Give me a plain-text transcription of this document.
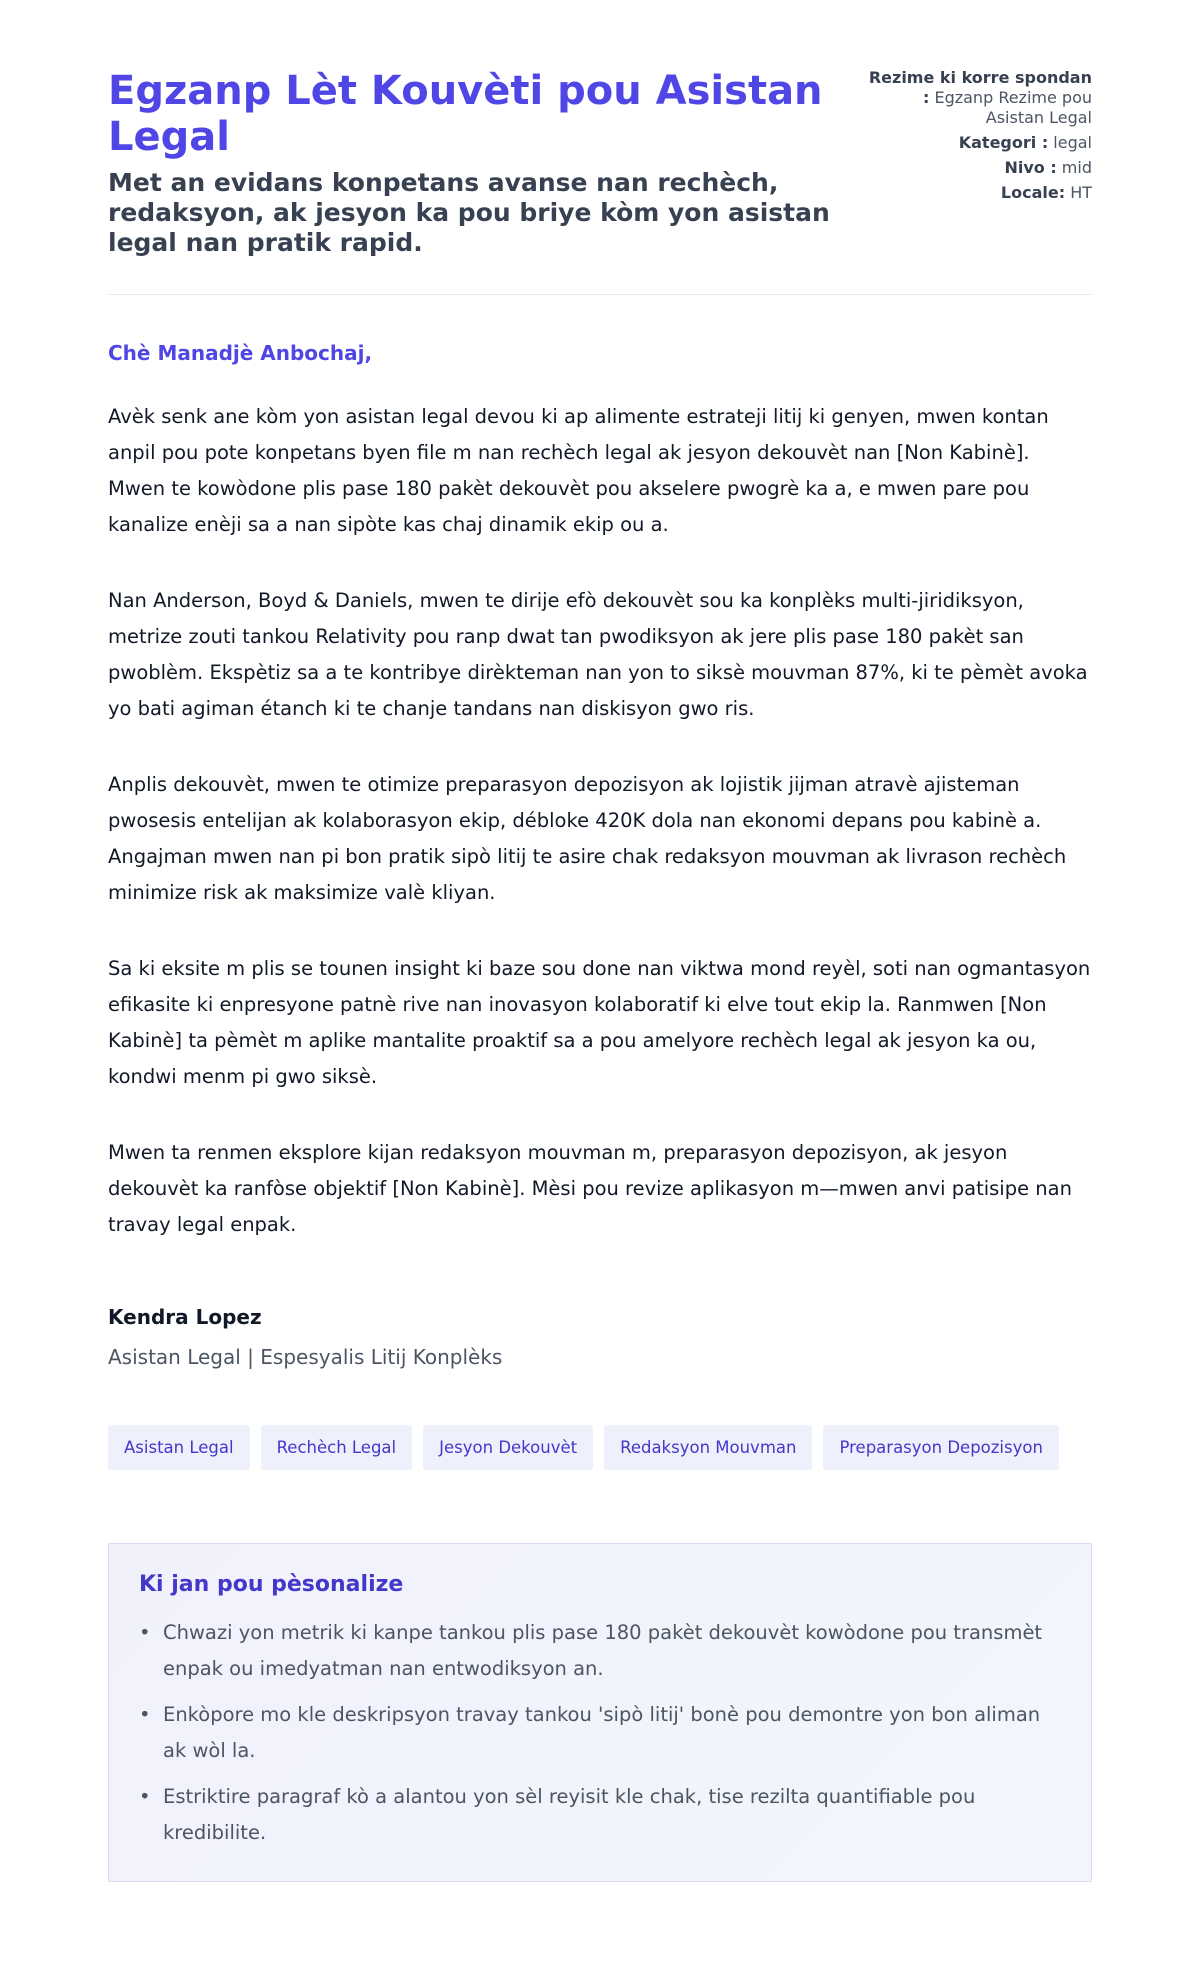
Egzanp Lèt Kouvèti pou Asistan Legal
Met an evidans konpetans avanse nan rechèch, redaksyon, ak jesyon ka pou briye kòm yon asistan legal nan pratik rapid.
Rezime ki korre spondan : Egzanp Rezime pou Asistan Legal
Kategori : legal
Nivo : mid
Locale: HT
Chè Manadjè Anbochaj,

Avèk senk ane kòm yon asistan legal devou ki ap alimente estrateji litij ki genyen, mwen kontan anpil pou pote konpetans byen file m nan rechèch legal ak jesyon dekouvèt nan [Non Kabinè]. Mwen te kowòdone plis pase 180 pakèt dekouvèt pou akselere pwogrè ka a, e mwen pare pou kanalize enèji sa a nan sipòte kas chaj dinamik ekip ou a.

Nan Anderson, Boyd & Daniels, mwen te dirije efò dekouvèt sou ka konplèks multi-jiridiksyon, metrize zouti tankou Relativity pou ranp dwat tan pwodiksyon ak jere plis pase 180 pakèt san pwoblèm. Ekspètiz sa a te kontribye dirèkteman nan yon to siksè mouvman 87%, ki te pèmèt avoka yo bati agiman étanch ki te chanje tandans nan diskisyon gwo ris.

Anplis dekouvèt, mwen te otimize preparasyon depozisyon ak lojistik jijman atravè ajisteman pwosesis entelijan ak kolaborasyon ekip, débloke 420K dola nan ekonomi depans pou kabinè a. Angajman mwen nan pi bon pratik sipò litij te asire chak redaksyon mouvman ak livrason rechèch minimize risk ak maksimize valè kliyan.

Sa ki eksite m plis se tounen insight ki baze sou done nan viktwa mond reyèl, soti nan ogmantasyon efikasite ki enpresyone patnè rive nan inovasyon kolaboratif ki elve tout ekip la. Ranmwen [Non Kabinè] ta pèmèt m aplike mantalite proaktif sa a pou amelyore rechèch legal ak jesyon ka ou, kondwi menm pi gwo siksè.

Mwen ta renmen eksplore kijan redaksyon mouvman m, preparasyon depozisyon, ak jesyon dekouvèt ka ranfòse objektif [Non Kabinè]. Mèsi pou revize aplikasyon m—mwen anvi patisipe nan travay legal enpak.

Kendra Lopez
Asistan Legal | Espesyalis Litij Konplèks
Asistan Legal	Rechèch Legal	Jesyon Dekouvèt	Redaksyon Mouvman	Preparasyon Depozisyon
Ki jan pou pèsonalize
• Chwazi yon metrik ki kanpe tankou plis pase 180 pakèt dekouvèt kowòdone pou transmèt enpak ou imedyatman nan entwodiksyon an.
• Enkòpore mo kle deskripsyon travay tankou 'sipò litij' bonè pou demontre yon bon aliman ak wòl la.
• Estriktire paragraf kò a alantou yon sèl reyisit kle chak, tise rezilta quantifiable pou kredibilite.
